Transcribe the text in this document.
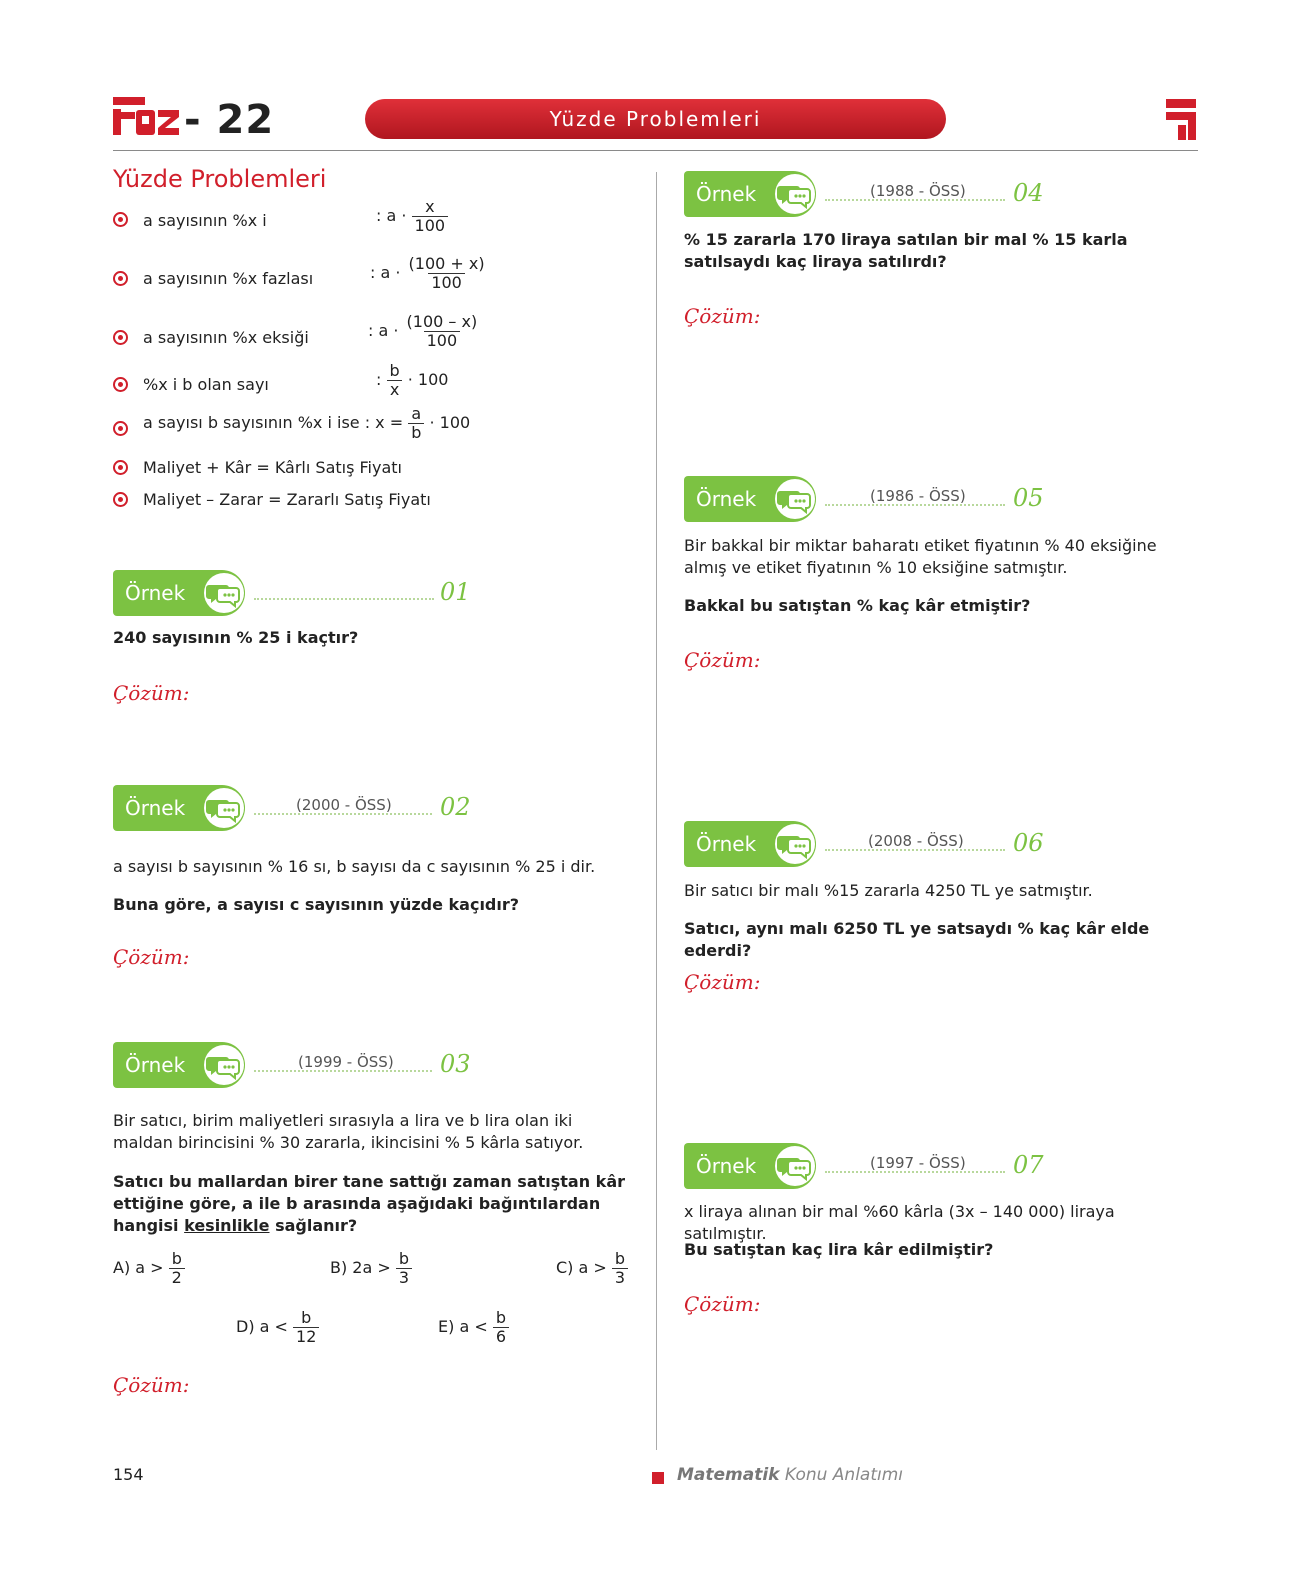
- 22	Yüzde Problemleri
Yüzde Problemleri
a sayısının %x i	: $a \cdot \frac{x}{100}$
a sayısının %x fazlası	: $a \cdot \frac{(100 + x)}{100}$
a sayısının %x eksiği	: $a \cdot \frac{(100 - x)}{100}$
%x i b olan sayı	: $\frac{b}{x} \cdot 100$
a sayısı b sayısının %x i ise : $x = \frac{a}{b} \cdot 100$
Maliyet + Kâr = Kârlı Satış Fiyatı
Maliyet – Zarar = Zararlı Satış Fiyatı
Örnek	01
240 sayısının % 25 i kaçtır?
Çözüm:
Örnek	(2000 - ÖSS) 02
a sayısı b sayısının % 16 sı, b sayısı da c sayısının % 25 i dir.
Buna göre, a sayısı c sayısının yüzde kaçıdır?
Çözüm:
Örnek	(1999 - ÖSS) 03
Bir satıcı, birim maliyetleri sırasıyla a lira ve b lira olan iki maldan birincisini % 30 zararla, ikincisini % 5 kârla satıyor.
Satıcı bu mallardan birer tane sattığı zaman satıştan kâr ettiğine göre, a ile b arasında aşağıdaki bağıntılardan hangisi kesinlikle sağlanır?
A) $a > \frac{b}{2}$	B) $2a > \frac{b}{3}$	C) $a > \frac{b}{3}$
D) $a < \frac{b}{12}$	E) $a < \frac{b}{6}$
Çözüm:
Örnek	(1988 - ÖSS) 04
% 15 zararla 170 liraya satılan bir mal % 15 karla satılsaydı kaç liraya satılırdı?
Çözüm:
Örnek	(1986 - ÖSS) 05
Bir bakkal bir miktar baharatı etiket fiyatının % 40 eksiğine almış ve etiket fiyatının % 10 eksiğine satmıştır.
Bakkal bu satıştan % kaç kâr etmiştir?
Çözüm:
Örnek	(2008 - ÖSS) 06
Bir satıcı bir malı %15 zararla 4250 TL ye satmıştır.
Satıcı, aynı malı 6250 TL ye satsaydı % kaç kâr elde ederdi?
Çözüm:
Örnek	(1997 - ÖSS) 07
x liraya alınan bir mal %60 kârla (3x – 140 000) liraya satılmıştır.
Bu satıştan kaç lira kâr edilmiştir?
Çözüm:
154	Matematik Konu Anlatımı
